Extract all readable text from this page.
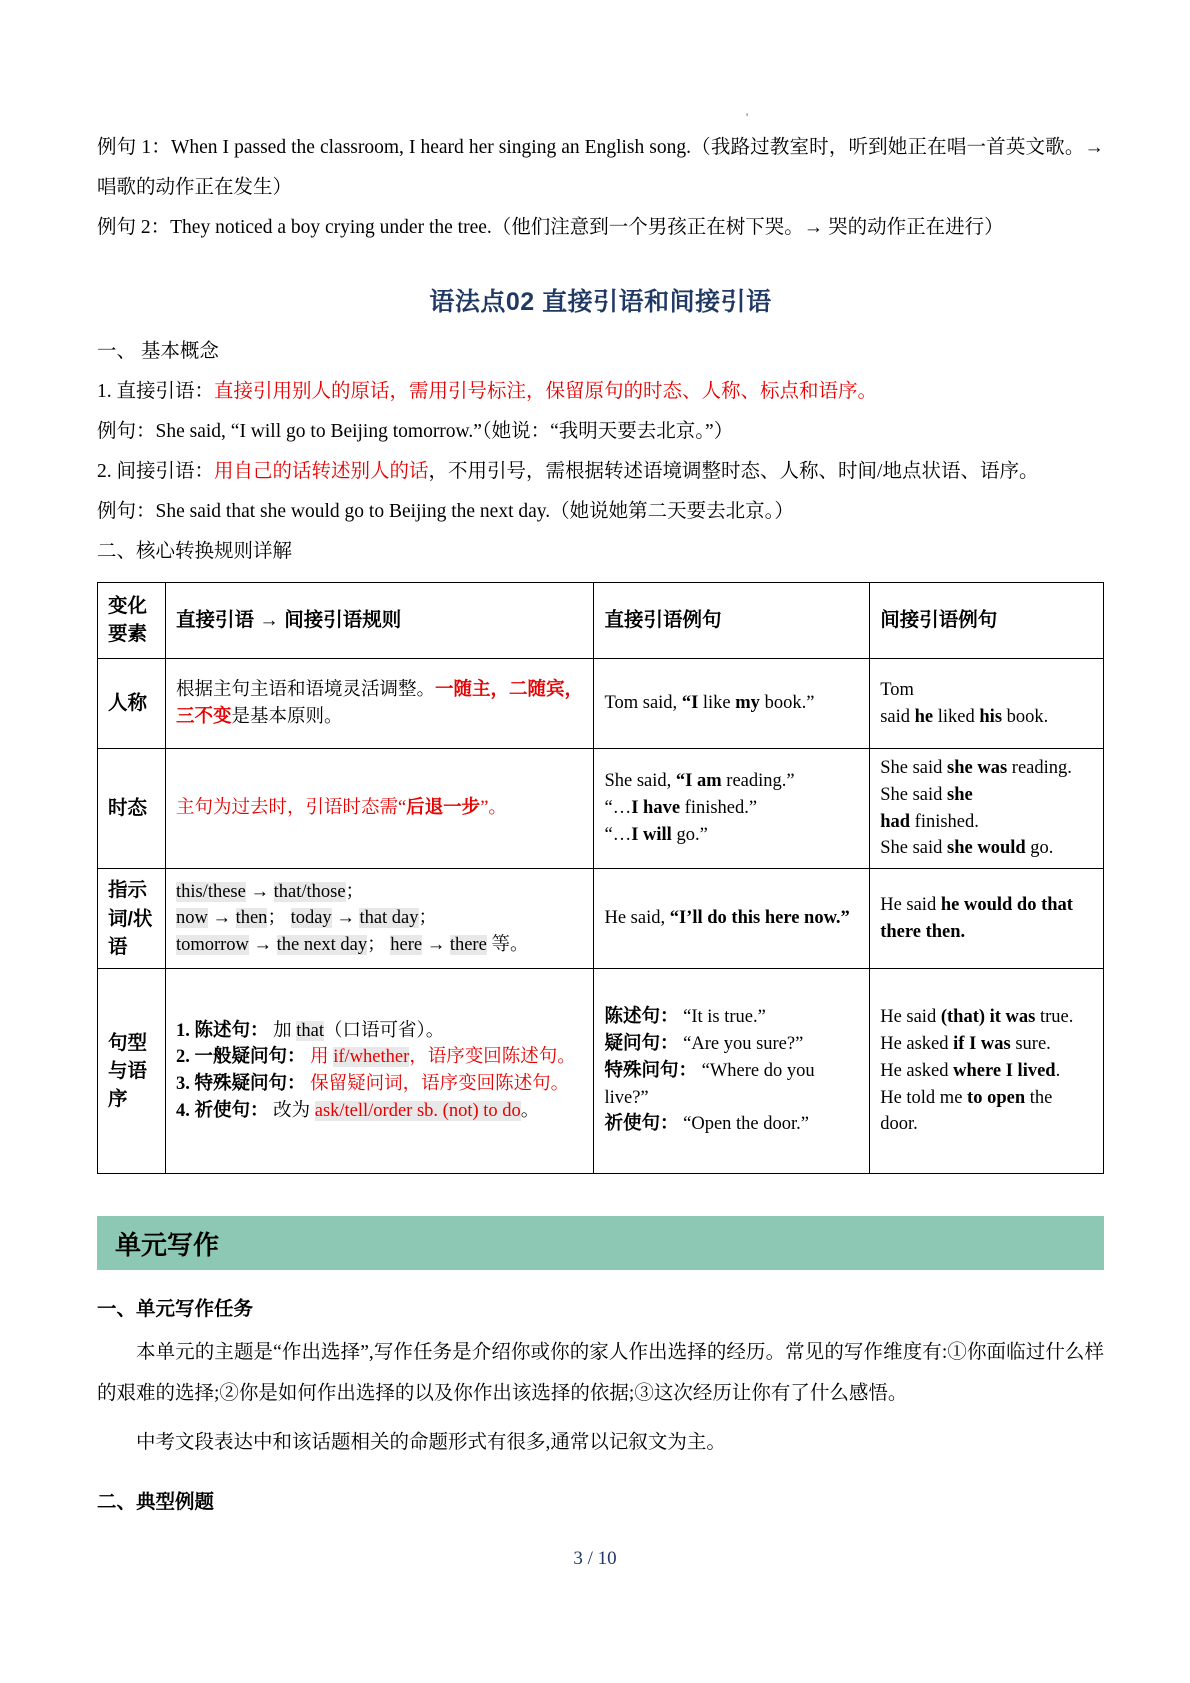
'

例句 1：When I passed the classroom, I heard her singing an English song.（我路过教室时，听到她正在唱一首英文歌。→ 唱歌的动作正在发生）

例句 2：They noticed a boy crying under the tree.（他们注意到一个男孩正在树下哭。→ 哭的动作正在进行）

语法点02 直接引语和间接引语

一、 基本概念

1. 直接引语：直接引用别人的原话，需用引号标注，保留原句的时态、人称、标点和语序。

例句：She said, “I will go to Beijing tomorrow.”（她说：“我明天要去北京。”）

2. 间接引语：用自己的话转述别人的话，不用引号，需根据转述语境调整时态、人称、时间/地点状语、语序。

例句：She said that she would go to Beijing the next day.（她说她第二天要去北京。）

二、核心转换规则详解

变化要素	直接引语 → 间接引语规则	直接引语例句	间接引语例句
人称	根据主句主语和语境灵活调整。一随主，二随宾，三不变是基本原则。	Tom said, “I like my book.”	Tom
said he liked his book.
时态	主句为过去时，引语时态需“后退一步”。	She said, “I am reading.”
“…I have finished.”
“…I will go.”	She said she was reading.
She said she
had finished.
She said she would go.
指示词/状语	this/these → that/those；
now → then； today → that day；
tomorrow → the next day； here → there 等。	He said, “I’ll do this here now.”	He said he would do that there then.
句型与语序	1. 陈述句： 加 that（口语可省）。
2. 一般疑问句： 用 if/whether，语序变回陈述句。
3. 特殊疑问句： 保留疑问词，语序变回陈述句。
4. 祈使句： 改为 ask/tell/order sb. (not) to do。	陈述句： “It is true.”
疑问句： “Are you sure?”
特殊问句： “Where do you live?”
祈使句： “Open the door.”	He said (that) it was true.
He asked if I was sure.
He asked where I lived.
He told me to open the door.
单元写作
一、单元写作任务

本单元的主题是“作出选择”,写作任务是介绍你或你的家人作出选择的经历。常见的写作维度有:①你面临过什么样的艰难的选择;②你是如何作出选择的以及你作出该选择的依据;③这次经历让你有了什么感悟。

中考文段表达中和该话题相关的命题形式有很多,通常以记叙文为主。

二、典型例题
3 / 10
